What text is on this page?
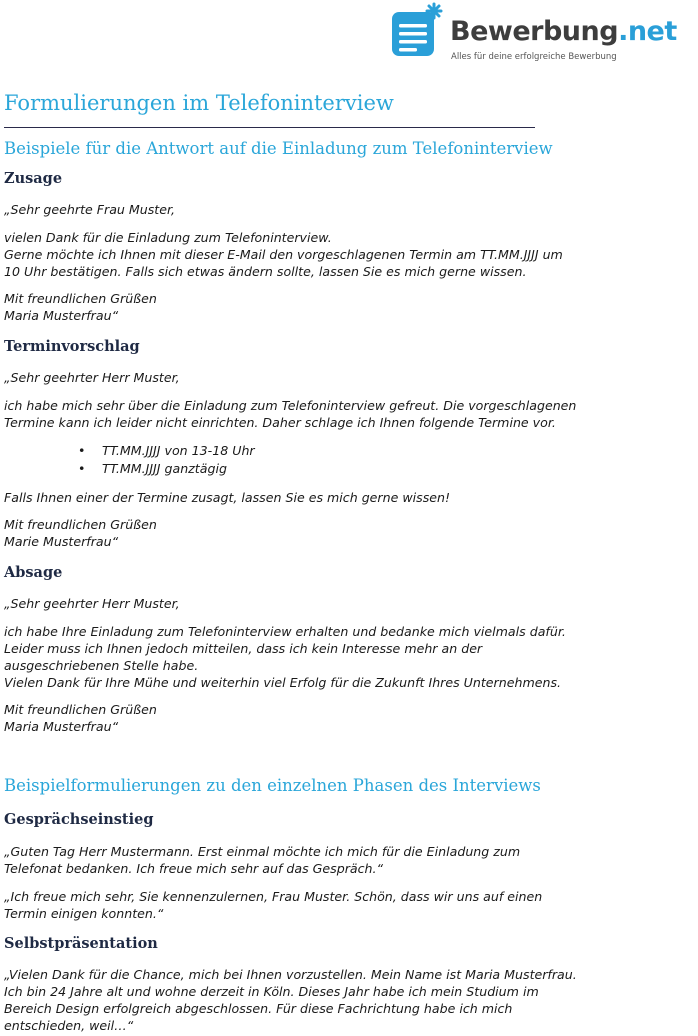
Bewerbung.net
Alles für deine erfolgreiche Bewerbung
Formulierungen im Telefoninterview
Beispiele für die Antwort auf die Einladung zum Telefoninterview
Zusage
„Sehr geehrte Frau Muster,
vielen Dank für die Einladung zum Telefoninterview.
Gerne möchte ich Ihnen mit dieser E-Mail den vorgeschlagenen Termin am TT.MM.JJJJ um
10 Uhr bestätigen. Falls sich etwas ändern sollte, lassen Sie es mich gerne wissen.
Mit freundlichen Grüßen
Maria Musterfrau“
Terminvorschlag
„Sehr geehrter Herr Muster,
ich habe mich sehr über die Einladung zum Telefoninterview gefreut. Die vorgeschlagenen
Termine kann ich leider nicht einrichten. Daher schlage ich Ihnen folgende Termine vor.
• TT.MM.JJJJ von 13-18 Uhr
• TT.MM.JJJJ ganztägig
Falls Ihnen einer der Termine zusagt, lassen Sie es mich gerne wissen!
Mit freundlichen Grüßen
Marie Musterfrau“
Absage
„Sehr geehrter Herr Muster,
ich habe Ihre Einladung zum Telefoninterview erhalten und bedanke mich vielmals dafür.
Leider muss ich Ihnen jedoch mitteilen, dass ich kein Interesse mehr an der
ausgeschriebenen Stelle habe.
Vielen Dank für Ihre Mühe und weiterhin viel Erfolg für die Zukunft Ihres Unternehmens.
Mit freundlichen Grüßen
Maria Musterfrau“
Beispielformulierungen zu den einzelnen Phasen des Interviews
Gesprächseinstieg
„Guten Tag Herr Mustermann. Erst einmal möchte ich mich für die Einladung zum
Telefonat bedanken. Ich freue mich sehr auf das Gespräch.“
„Ich freue mich sehr, Sie kennenzulernen, Frau Muster. Schön, dass wir uns auf einen
Termin einigen konnten.“
Selbstpräsentation
„Vielen Dank für die Chance, mich bei Ihnen vorzustellen. Mein Name ist Maria Musterfrau.
Ich bin 24 Jahre alt und wohne derzeit in Köln. Dieses Jahr habe ich mein Studium im
Bereich Design erfolgreich abgeschlossen. Für diese Fachrichtung habe ich mich
entschieden, weil…“
